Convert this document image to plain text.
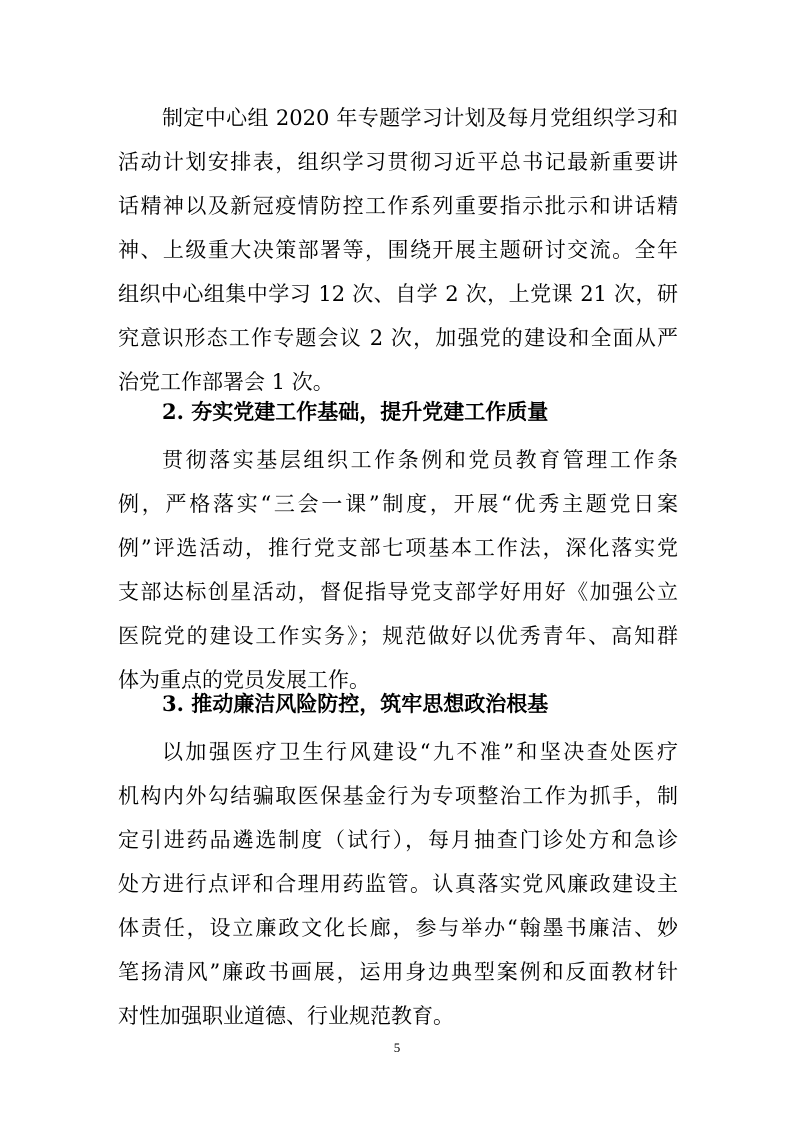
制定中心组 2020 年专题学习计划及每月党组织学习和
活动计划安排表，组织学习贯彻习近平总书记最新重要讲
话精神以及新冠疫情防控工作系列重要指示批示和讲话精
神、上级重大决策部署等，围绕开展主题研讨交流。全年
组织中心组集中学习 12 次、自学 2 次，上党课 21 次，研
究意识形态工作专题会议 2 次，加强党的建设和全面从严
治党工作部署会 1 次。
2. 夯实党建工作基础，提升党建工作质量
贯彻落实基层组织工作条例和党员教育管理工作条
例，严格落实“三会一课”制度，开展“优秀主题党日案
例”评选活动，推行党支部七项基本工作法，深化落实党
支部达标创星活动，督促指导党支部学好用好《加强公立
医院党的建设工作实务》；规范做好以优秀青年、高知群
体为重点的党员发展工作。
3. 推动廉洁风险防控，筑牢思想政治根基
以加强医疗卫生行风建设“九不准”和坚决查处医疗
机构内外勾结骗取医保基金行为专项整治工作为抓手，制
定引进药品遴选制度（试行），每月抽查门诊处方和急诊
处方进行点评和合理用药监管。认真落实党风廉政建设主
体责任，设立廉政文化长廊，参与举办“翰墨书廉洁、妙
笔扬清风”廉政书画展，运用身边典型案例和反面教材针
对性加强职业道德、行业规范教育。
5
